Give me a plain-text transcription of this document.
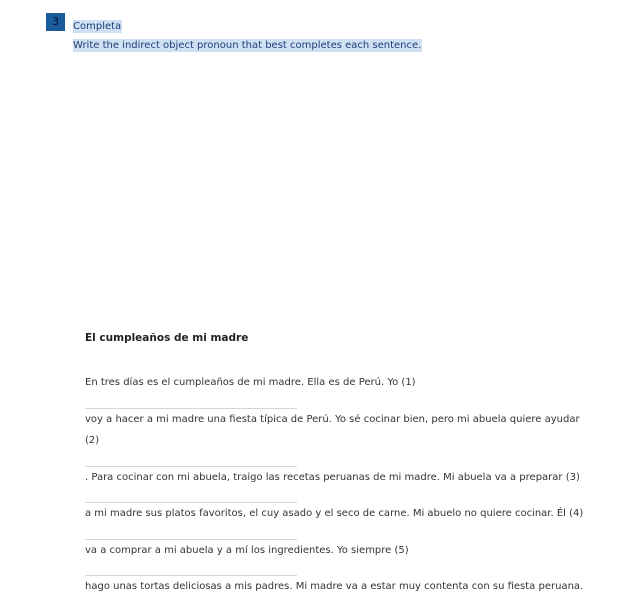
3	Completa
Write the indirect object pronoun that best completes each sentence.
El cumpleaños de mi madre
En tres días es el cumpleaños de mi madre. Ella es de Perú. Yo (1)
voy a hacer a mi madre una fiesta típica de Perú. Yo sé cocinar bien, pero mi abuela quiere ayudar
(2)
. Para cocinar con mi abuela, traigo las recetas peruanas de mi madre. Mi abuela va a preparar (3)
a mi madre sus platos favoritos, el cuy asado y el seco de carne. Mi abuelo no quiere cocinar. Él (4)
va a comprar a mi abuela y a mí los ingredientes. Yo siempre (5)
hago unas tortas deliciosas a mis padres. Mi madre va a estar muy contenta con su fiesta peruana.
